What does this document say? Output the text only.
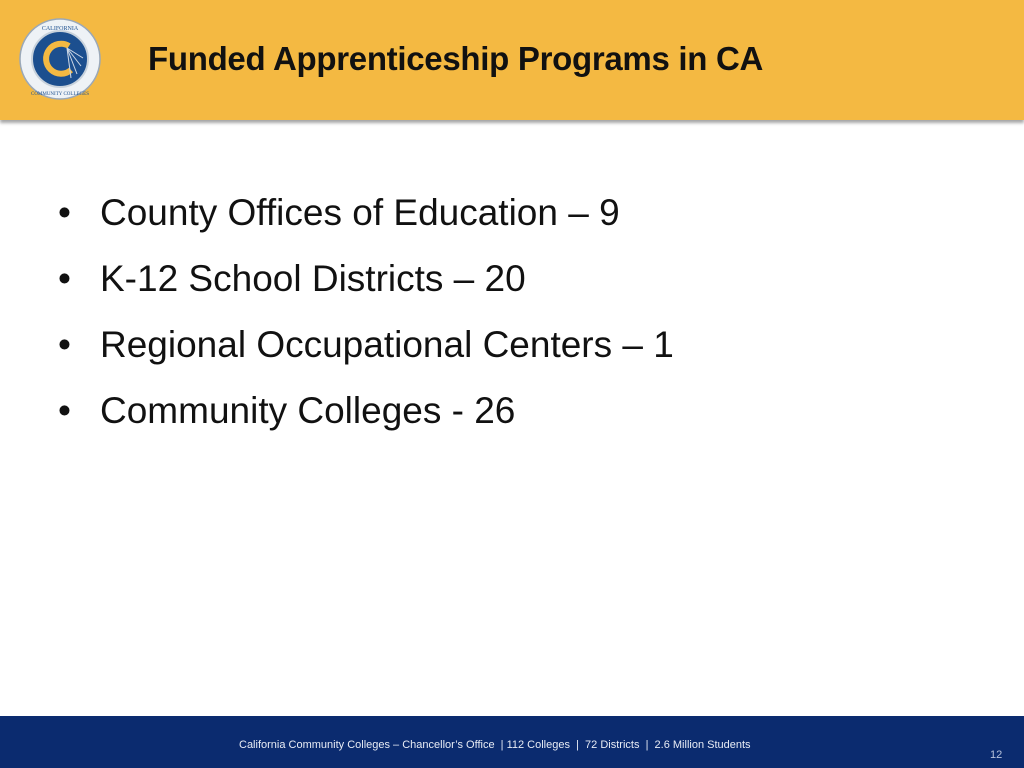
CALIFORNIA
COMMUNITY COLLEGES
Funded Apprenticeship Programs in CA
• County Offices of Education – 9
• K-12 School Districts – 20
• Regional Occupational Centers – 1
• Community Colleges - 26
California Community Colleges – Chancellor’s Office  | 112 Colleges  |  72 Districts  |  2.6 Million Students
12
